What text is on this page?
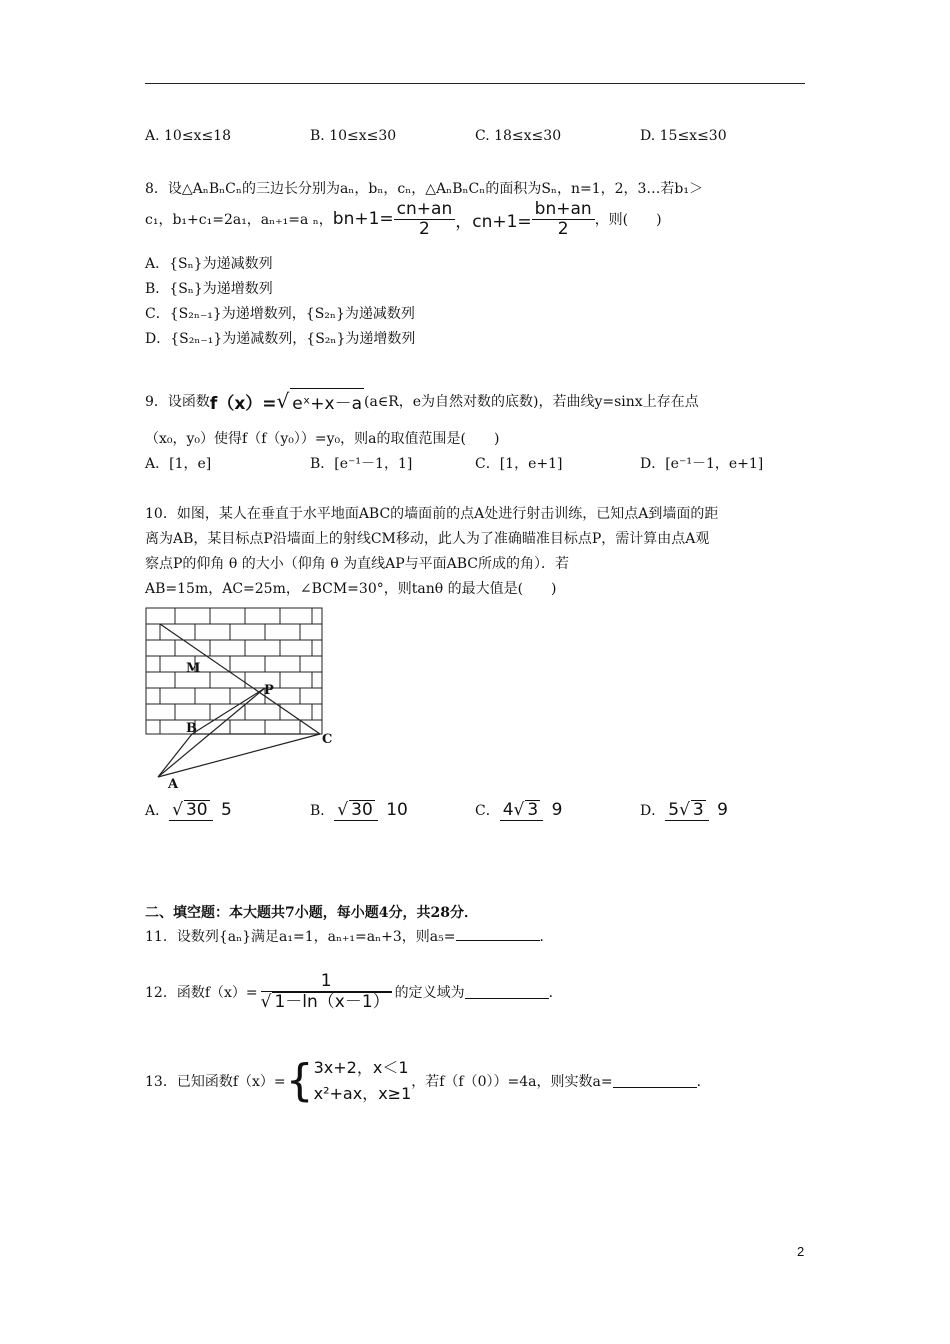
A. 10≤x≤18	B. 10≤x≤30	C. 18≤x≤30	D. 15≤x≤30
8．设△AₙBₙCₙ的三边长分别为aₙ，bₙ，cₙ，△AₙBₙCₙ的面积为Sₙ，n=1，2，3…若b₁＞
c₁，b₁+c₁=2a₁，aₙ₊₁=a ₙ， $bn+1= \frac{cn+an}{2}$ ，$cn+1= \frac{bn+an}{2}$ ，则(　　)
A．{Sₙ}为递减数列
B．{Sₙ}为递增数列
C．{S₂ₙ₋₁}为递增数列，{S₂ₙ}为递减数列
D．{S₂ₙ₋₁}为递减数列，{S₂ₙ}为递增数列
9．设函数 f（x）= √ eˣ+x－a (a∈R，e为自然对数的底数)，若曲线y=sinx上存在点
（x₀，y₀）使得f（f（y₀））=y₀，则a的取值范围是(　　)
A．[1，e]	B．[e⁻¹－1，1]	C．[1，e+1]	D．[e⁻¹－1，e+1]
10．如图，某人在垂直于水平地面ABC的墙面前的点A处进行射击训练，已知点A到墙面的距
离为AB，某目标点P沿墙面上的射线CM移动，此人为了准确瞄准目标点P，需计算由点A观
察点P的仰角 θ 的大小（仰角 θ 为直线AP与平面ABC所成的角）．若
AB=15m，AC=25m，∠BCM=30°，则tanθ 的最大值是(　　)
M
P
B
C
A
A． √ 30 5	B． √ 30 10	C． 4√ 3 9	D． 5√ 3 9
二、填空题：本大题共7小题，每小题4分，共28分．
11．设数列{aₙ}满足a₁=1，aₙ₊₁=aₙ+3，则a₅=	．
12．函数$f(x)= \frac{1}{√ 1-\ln(x-1)}$ 的定义域为	．
13．已知函数f（x）= { 3x+2，x＜1
x²+ax，x≥1
，若f（f（0））=4a，则实数a=	．
2
